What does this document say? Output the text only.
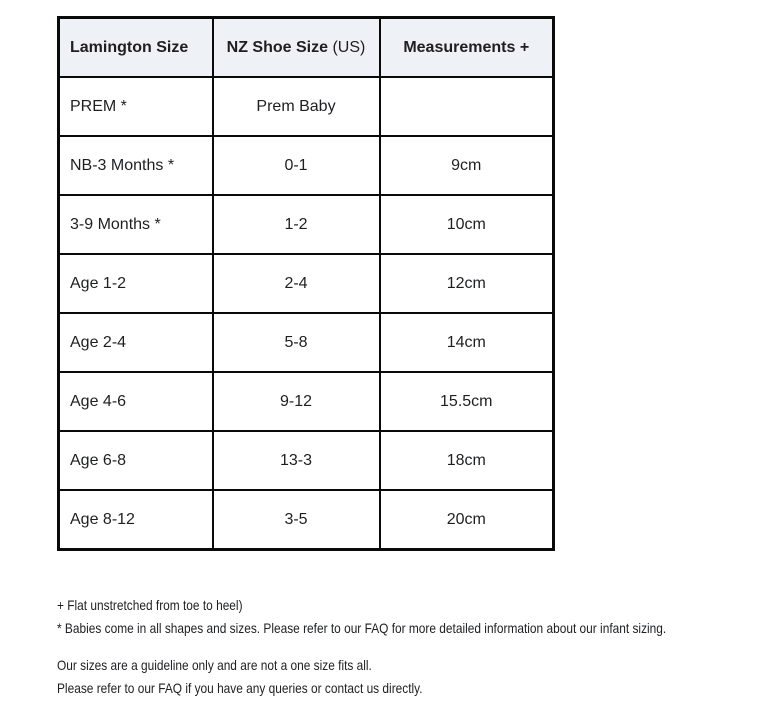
Lamington Size	NZ Shoe Size (US)	Measurements +
PREM *	Prem Baby	
NB-3 Months *	0-1	9cm
3-9 Months *	1-2	10cm
Age 1-2	2-4	12cm
Age 2-4	5-8	14cm
Age 4-6	9-12	15.5cm
Age 6-8	13-3	18cm
Age 8-12	3-5	20cm
+ Flat unstretched from toe to heel)
* Babies come in all shapes and sizes. Please refer to our FAQ for more detailed information about our infant sizing.
Our sizes are a guideline only and are not a one size fits all.
Please refer to our FAQ if you have any queries or contact us directly.
